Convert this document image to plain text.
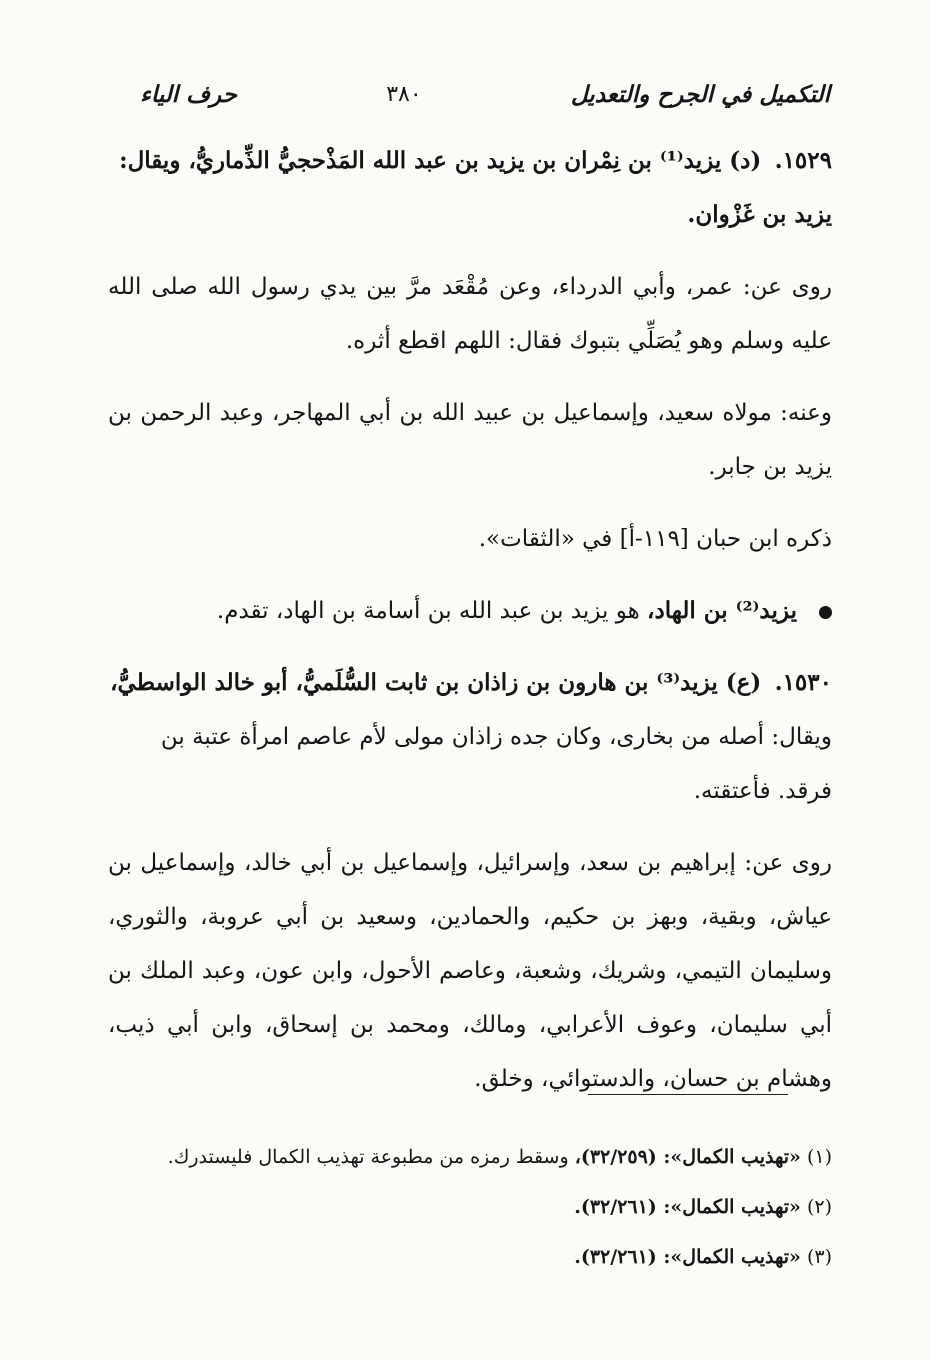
التكميل في الجرح والتعديل
٣٨٠
حرف الياء

١٥٢٩. (د) يزيد⁽¹⁾ بن نِمْران بن يزيد بن عبد الله المَذْحجيُّ الذِّماريُّ، ويقال: يزيد بن غَزْوان.

روى عن: عمر، وأبي الدرداء، وعن مُقْعَد مرَّ بين يدي رسول الله صلى الله عليه وسلم وهو يُصَلِّي بتبوك فقال: اللهم اقطع أثره.

وعنه: مولاه سعيد، وإسماعيل بن عبيد الله بن أبي المهاجر، وعبد الرحمن بن يزيد بن جابر.

ذكره ابن حبان [١١٩-أ] في «الثقات».

يزيد⁽²⁾ بن الهاد، هو يزيد بن عبد الله بن أسامة بن الهاد، تقدم.

١٥٣٠. (ع) يزيد⁽³⁾ بن هارون بن زاذان بن ثابت السُّلَميُّ، أبو خالد الواسطيُّ، ويقال: أصله من بخارى، وكان جده زاذان مولى لأم عاصم امرأة عتبة بن فرقد. فأعتقته.

روى عن: إبراهيم بن سعد، وإسرائيل، وإسماعيل بن أبي خالد، وإسماعيل بن عياش، وبقية، وبهز بن حكيم، والحمادين، وسعيد بن أبي عروبة، والثوري، وسليمان التيمي، وشريك، وشعبة، وعاصم الأحول، وابن عون، وعبد الملك بن أبي سليمان، وعوف الأعرابي، ومالك، ومحمد بن إسحاق، وابن أبي ذيب، وهشام بن حسان، والدستوائي، وخلق.

(١) «تهذيب الكمال»: (٣٢/٢٥٩)، وسقط رمزه من مطبوعة تهذيب الكمال فليستدرك.

(٢) «تهذيب الكمال»: (٣٢/٢٦١).

(٣) «تهذيب الكمال»: (٣٢/٢٦١).
